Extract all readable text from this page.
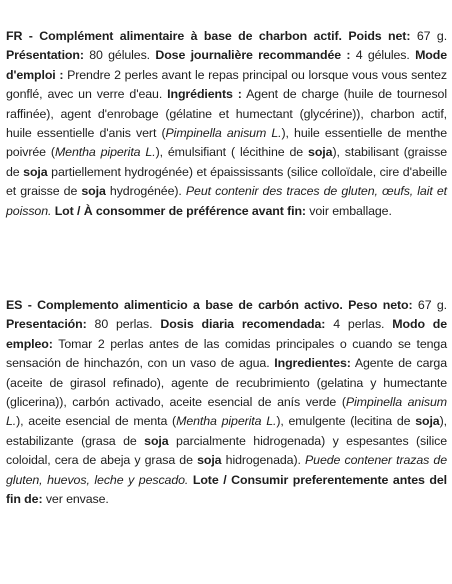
FR - Complément alimentaire à base de charbon actif. Poids net: 67 g. Présentation: 80 gélules. Dose journalière recommandée : 4 gélules. Mode d'emploi : Prendre 2 perles avant le repas principal ou lorsque vous vous sentez gonflé, avec un verre d'eau. Ingrédients : Agent de charge (huile de tournesol raffinée), agent d'enrobage (gélatine et humectant (glycérine)), charbon actif, huile essentielle d'anis vert (Pimpinella anisum L.), huile essentielle de menthe poivrée (Mentha piperita L.), émulsifiant ( lécithine de soja), stabilisant (graisse de soja partiellement hydrogénée) et épaississants (silice colloïdale, cire d'abeille et graisse de soja hydrogénée). Peut contenir des traces de gluten, œufs, lait et poisson. Lot / À consommer de préférence avant fin: voir emballage.

ES - Complemento alimenticio a base de carbón activo. Peso neto: 67 g. Presentación: 80 perlas. Dosis diaria recomendada: 4 perlas. Modo de empleo: Tomar 2 perlas antes de las comidas principales o cuando se tenga sensación de hinchazón, con un vaso de agua. Ingredientes: Agente de carga (aceite de girasol refinado), agente de recubrimiento (gelatina y humectante (glicerina)), carbón activado, aceite esencial de anís verde (Pimpinella anisum L.), aceite esencial de menta (Mentha piperita L.), emulgente (lecitina de soja), estabilizante (grasa de soja parcialmente hidrogenada) y espesantes (silice coloidal, cera de abeja y grasa de soja hidrogenada). Puede contener trazas de gluten, huevos, leche y pescado. Lote / Consumir preferentemente antes del fin de: ver envase.
